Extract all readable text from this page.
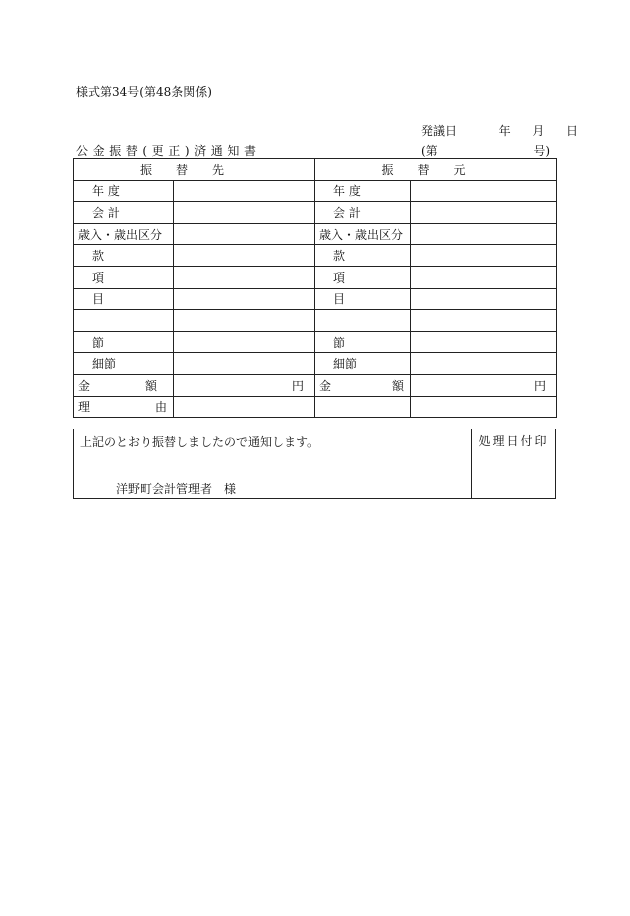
様式第34号(第48条関係)
発議日	年 月 日
公金振替(更正)済通知書	(第	号)
振替先		振替元	
年 度		年 度	
会 計		会 計	
歳入・歳出区分		歳入・歳出区分	
款		款	
項		項	
目		目	

節		節	
細節		細節	

金 額	円	金 額	円

理 由			

上記のとおり振替しましたので通知します。
洋野町会計管理者　様
処理日付印
